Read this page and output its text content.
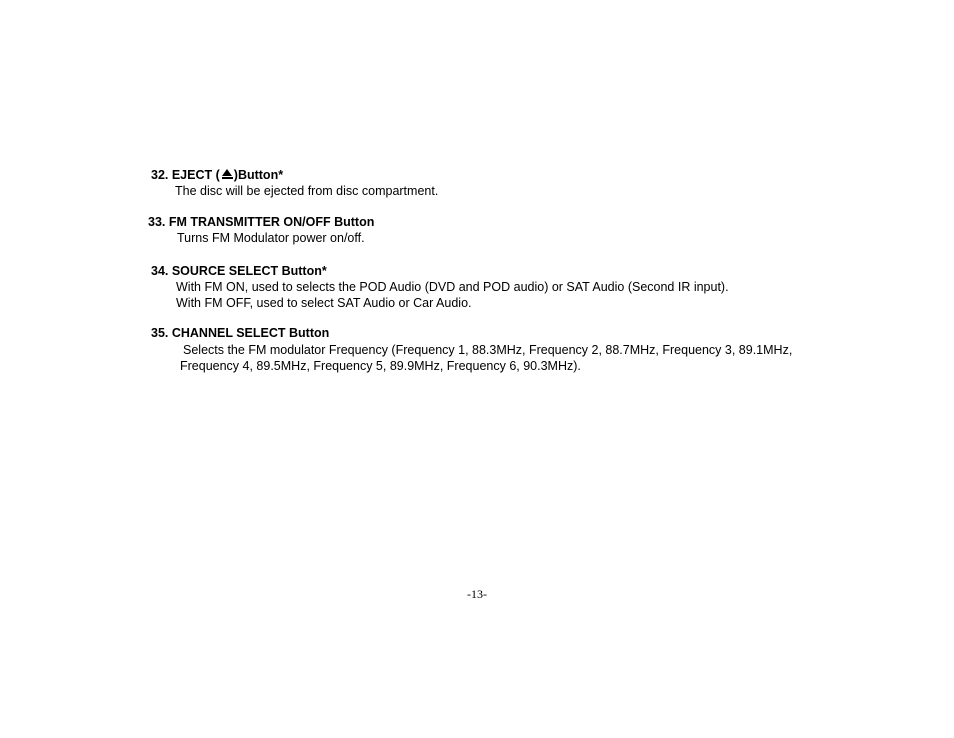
32. EJECT ( )Button*
The disc will be ejected from disc compartment.
33. FM TRANSMITTER ON/OFF Button
Turns FM Modulator power on/off.
34. SOURCE SELECT Button*
With FM ON, used to selects the POD Audio (DVD and POD audio) or SAT Audio (Second IR input).
With FM OFF, used to select SAT Audio or Car Audio.
35. CHANNEL SELECT Button
Selects the FM modulator Frequency (Frequency 1, 88.3MHz, Frequency 2, 88.7MHz, Frequency 3, 89.1MHz,
Frequency 4, 89.5MHz, Frequency 5, 89.9MHz, Frequency 6, 90.3MHz).
-13-
